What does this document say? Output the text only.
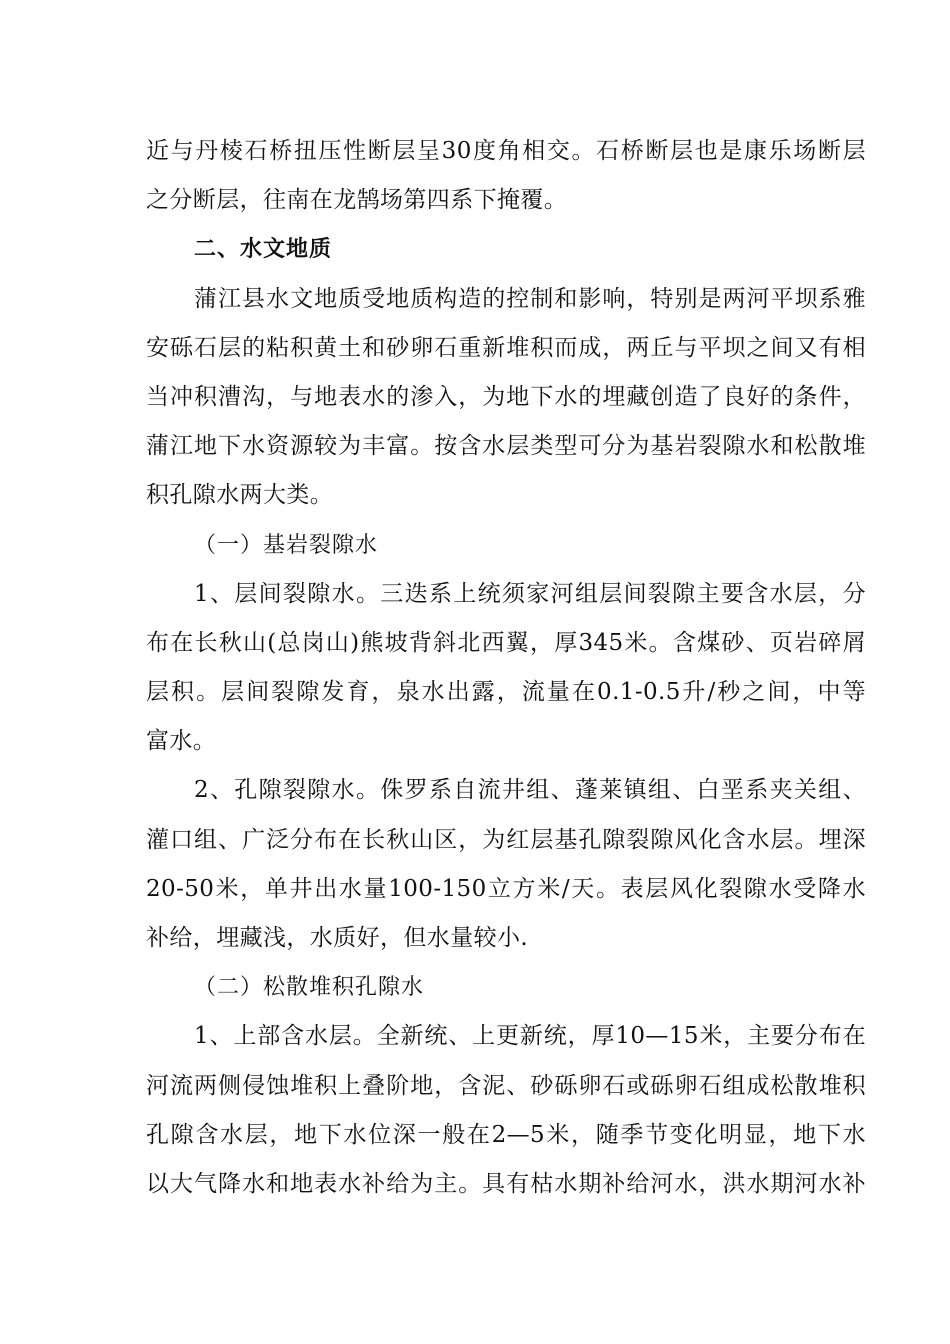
近与丹棱石桥扭压性断层呈30度角相交。石桥断层也是康乐场断层
之分断层，往南在龙鹄场第四系下掩覆。
二、水文地质
蒲江县水文地质受地质构造的控制和影响，特别是两河平坝系雅
安砾石层的粘积黄土和砂卵石重新堆积而成，两丘与平坝之间又有相
当冲积漕沟，与地表水的渗入，为地下水的埋藏创造了良好的条件，
蒲江地下水资源较为丰富。按含水层类型可分为基岩裂隙水和松散堆
积孔隙水两大类。
（一）基岩裂隙水
1、层间裂隙水。三迭系上统须家河组层间裂隙主要含水层，分
布在长秋山(总岗山)熊坡背斜北西翼，厚345米。含煤砂、页岩碎屑
层积。层间裂隙发育，泉水出露，流量在0.1-0.5升/秒之间，中等
富水。
2、孔隙裂隙水。侏罗系自流井组、蓬莱镇组、白垩系夹关组、
灌口组、广泛分布在长秋山区，为红层基孔隙裂隙风化含水层。埋深
20-50米，单井出水量100-150立方米/天。表层风化裂隙水受降水
补给，埋藏浅，水质好，但水量较小.
（二）松散堆积孔隙水
1、上部含水层。全新统、上更新统，厚10—15米，主要分布在
河流两侧侵蚀堆积上叠阶地，含泥、砂砾卵石或砾卵石组成松散堆积
孔隙含水层，地下水位深一般在2—5米，随季节变化明显，地下水
以大气降水和地表水补给为主。具有枯水期补给河水，洪水期河水补
